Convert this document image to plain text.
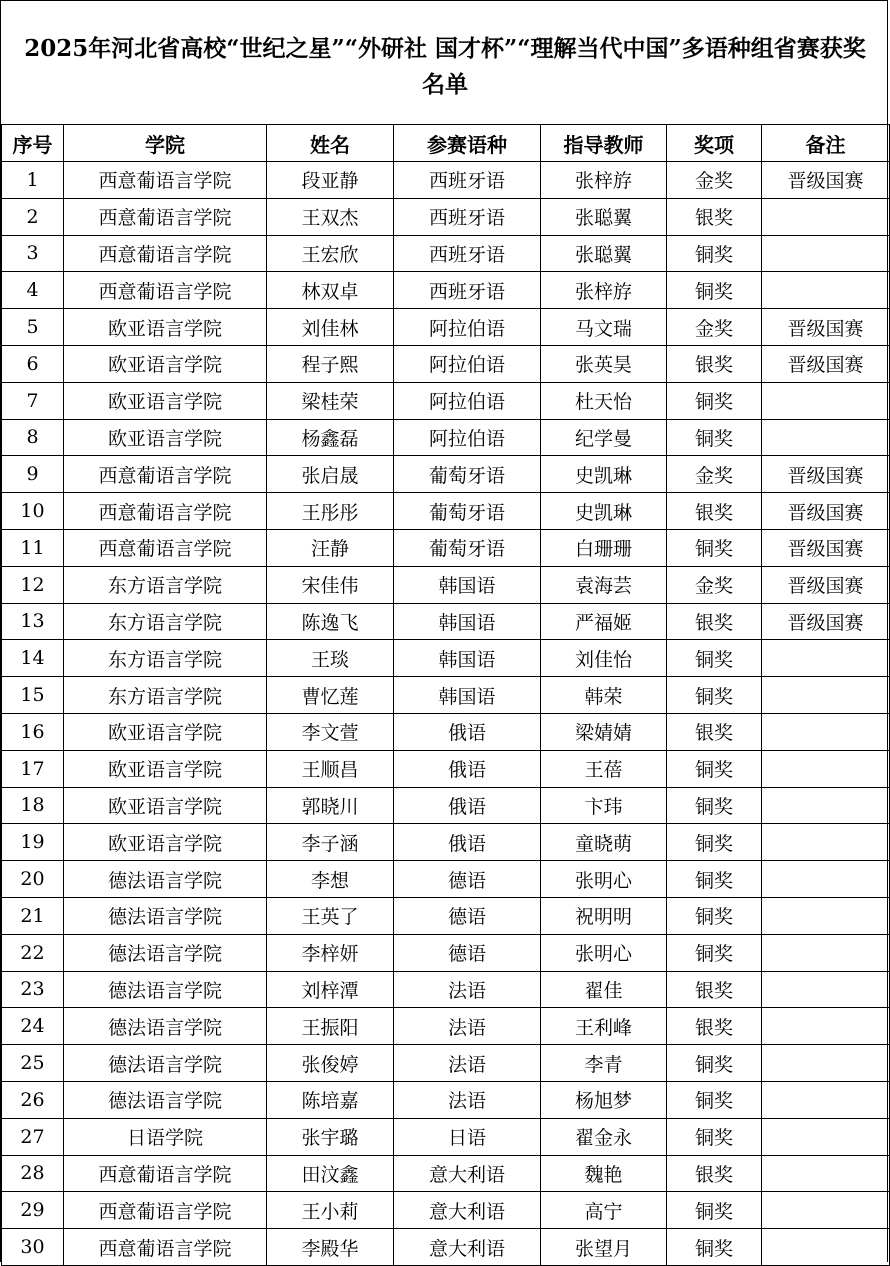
2025年河北省高校“世纪之星”“外研社 国才杯”“理解当代中国”多语种组省赛获奖名单
序号	学院	姓名	参赛语种	指导教师	奖项	备注
1	西意葡语言学院	段亚静	西班牙语	张梓斿	金奖	晋级国赛
2	西意葡语言学院	王双杰	西班牙语	张聪翼	银奖	
3	西意葡语言学院	王宏欣	西班牙语	张聪翼	铜奖	
4	西意葡语言学院	林双卓	西班牙语	张梓斿	铜奖	
5	欧亚语言学院	刘佳林	阿拉伯语	马文瑞	金奖	晋级国赛
6	欧亚语言学院	程子熙	阿拉伯语	张英昊	银奖	晋级国赛
7	欧亚语言学院	梁桂荣	阿拉伯语	杜天怡	铜奖	
8	欧亚语言学院	杨鑫磊	阿拉伯语	纪学曼	铜奖	
9	西意葡语言学院	张启晟	葡萄牙语	史凯琳	金奖	晋级国赛
10	西意葡语言学院	王彤彤	葡萄牙语	史凯琳	银奖	晋级国赛
11	西意葡语言学院	汪静	葡萄牙语	白珊珊	铜奖	晋级国赛
12	东方语言学院	宋佳伟	韩国语	袁海芸	金奖	晋级国赛
13	东方语言学院	陈逸飞	韩国语	严福姬	银奖	晋级国赛
14	东方语言学院	王琰	韩国语	刘佳怡	铜奖	
15	东方语言学院	曹忆莲	韩国语	韩荣	铜奖	
16	欧亚语言学院	李文萱	俄语	梁婧婧	银奖	
17	欧亚语言学院	王顺昌	俄语	王蓓	铜奖	
18	欧亚语言学院	郭晓川	俄语	卞玮	铜奖	
19	欧亚语言学院	李子涵	俄语	童晓萌	铜奖	
20	德法语言学院	李想	德语	张明心	铜奖	
21	德法语言学院	王英了	德语	祝明明	铜奖	
22	德法语言学院	李梓妍	德语	张明心	铜奖	
23	德法语言学院	刘梓潭	法语	翟佳	银奖	
24	德法语言学院	王振阳	法语	王利峰	银奖	
25	德法语言学院	张俊婷	法语	李青	铜奖	
26	德法语言学院	陈培嘉	法语	杨旭梦	铜奖	
27	日语学院	张宇璐	日语	翟金永	铜奖	
28	西意葡语言学院	田汶鑫	意大利语	魏艳	银奖	
29	西意葡语言学院	王小莉	意大利语	高宁	铜奖	
30	西意葡语言学院	李殿华	意大利语	张望月	铜奖	
